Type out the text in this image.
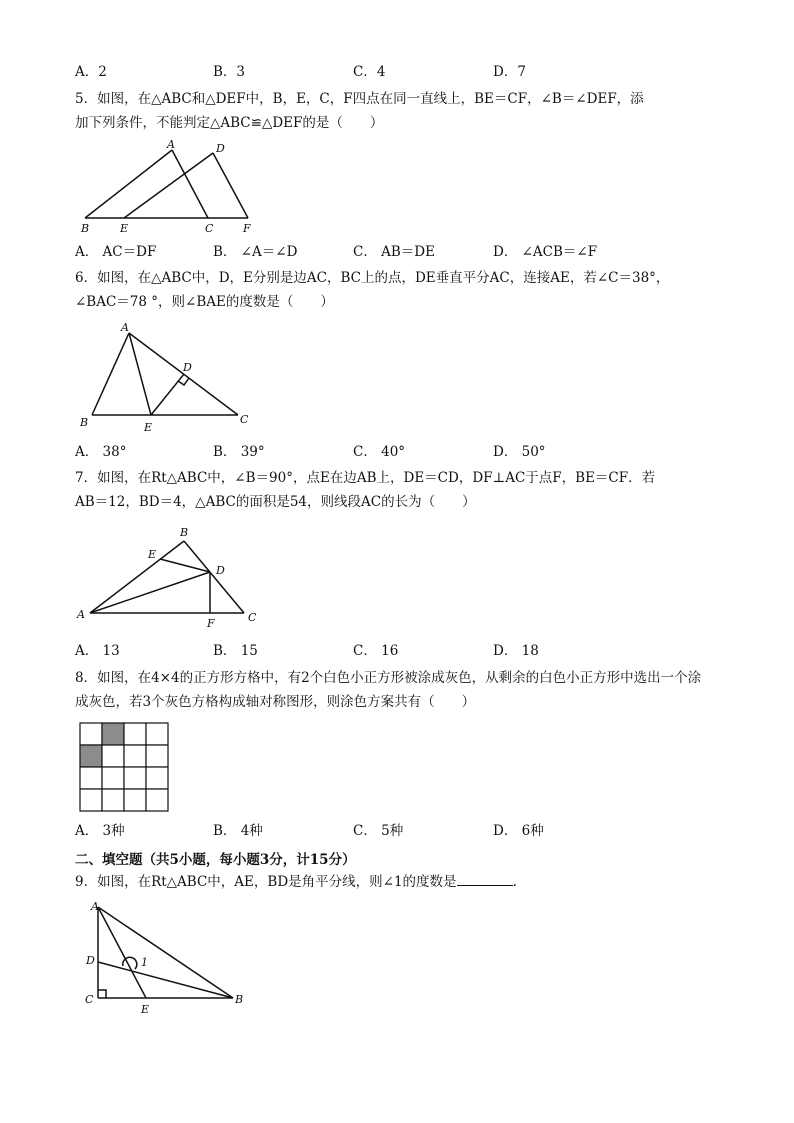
A．2	B．3	C．4	D．7
5．如图，在△ABC和△DEF中，B，E，C，F四点在同一直线上，BE＝CF，∠B＝∠DEF，添
加下列条件，不能判定△ABC≌△DEF的是（　　）
A	D
B	E	C	F
A． AC＝DF	B． ∠A＝∠D	C． AB＝DE	D． ∠ACB＝∠F
6．如图，在△ABC中，D，E分别是边AC，BC上的点，DE垂直平分AC，连接AE，若∠C＝38°，
∠BAC＝78 °，则∠BAE的度数是（　　）
A
B	C
D
E
A． 38°	B． 39°	C． 40°	D． 50°
7．如图，在Rt△ABC中，∠B＝90°，点E在边AB上，DE＝CD，DF⊥AC于点F，BE＝CF．若
AB＝12，BD＝4，△ABC的面积是54，则线段AC的长为（　　）
B
E
D
A
F	C
A． 13	B． 15	C． 16	D． 18
8．如图，在4×4的正方形方格中，有2个白色小正方形被涂成灰色，从剩余的白色小正方形中选出一个涂
成灰色，若3个灰色方格构成轴对称图形，则涂色方案共有（　　）
A． 3种	B． 4种	C． 5种	D． 6种
二、填空题（共5小题，每小题3分，计15分）
9．如图，在Rt△ABC中，AE，BD是角平分线，则∠1的度数是	.
A
D
C
E
B
1
